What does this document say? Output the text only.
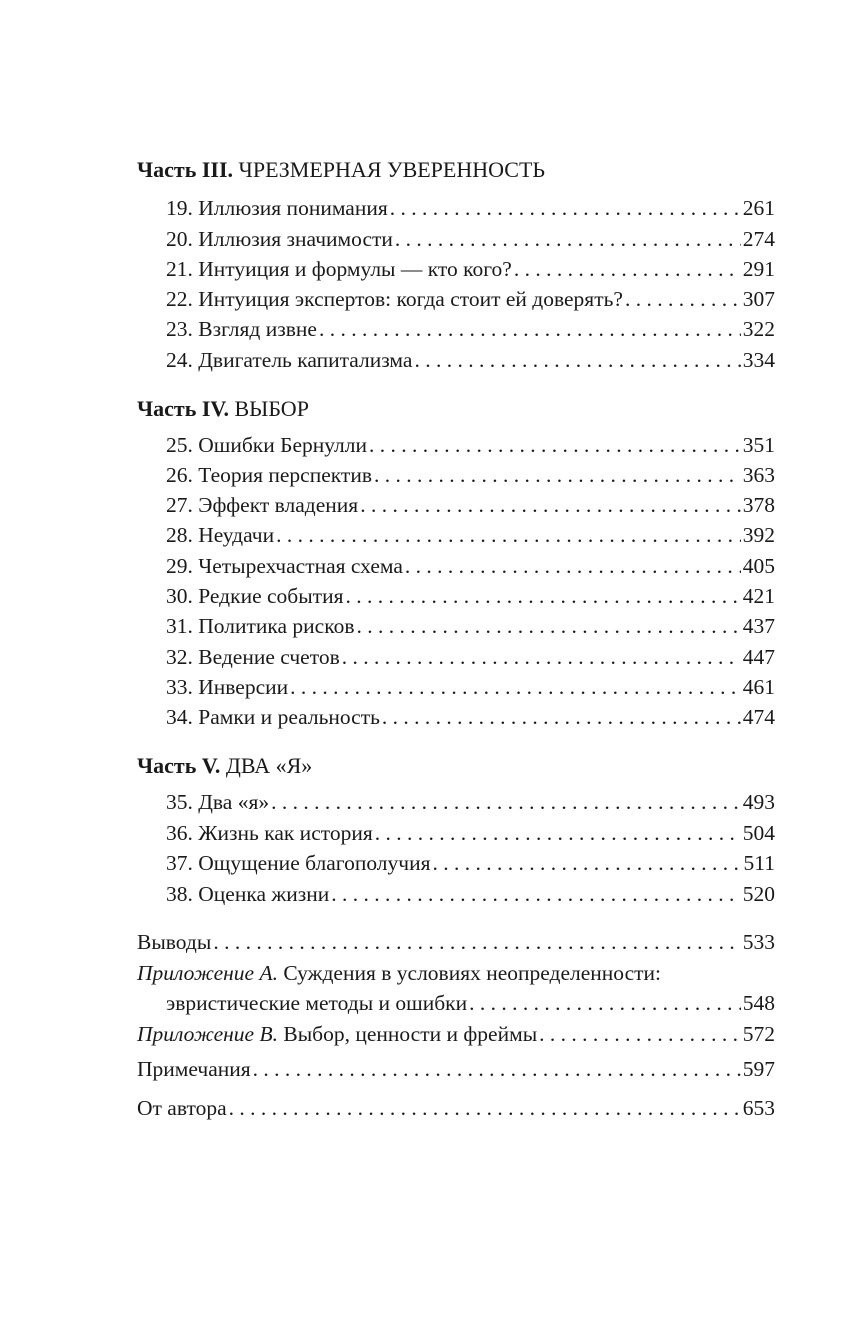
Часть III. ЧРЕЗМЕРНАЯ УВЕРЕННОСТЬ
19. Иллюзия понимания . . .	261
20. Иллюзия значимости . . .	274
21. Интуиция и формулы — кто кого? . . .	291
22. Интуиция экспертов: когда стоит ей доверять? . . .	307
23. Взгляд извне . . .	322
24. Двигатель капитализма . . .	334
Часть IV. ВЫБОР
25. Ошибки Бернулли . . .	351
26. Теория перспектив . . .	363
27. Эффект владения . . .	378
28. Неудачи . . .	392
29. Четырехчастная схема . . .	405
30. Редкие события . . .	421
31. Политика рисков . . .	437
32. Ведение счетов . . .	447
33. Инверсии . . .	461
34. Рамки и реальность . . .	474
Часть V. ДВА «Я»
35. Два «я» . . .	493
36. Жизнь как история . . .	504
37. Ощущение благополучия . . .	511
38. Оценка жизни . . .	520
Выводы . . .	533
Приложение А. Суждения в условиях неопределенности:
эвристические методы и ошибки . . .	548
Приложение B. Выбор, ценности и фреймы . . .	572
Примечания . . .	597
От автора . . .	653
